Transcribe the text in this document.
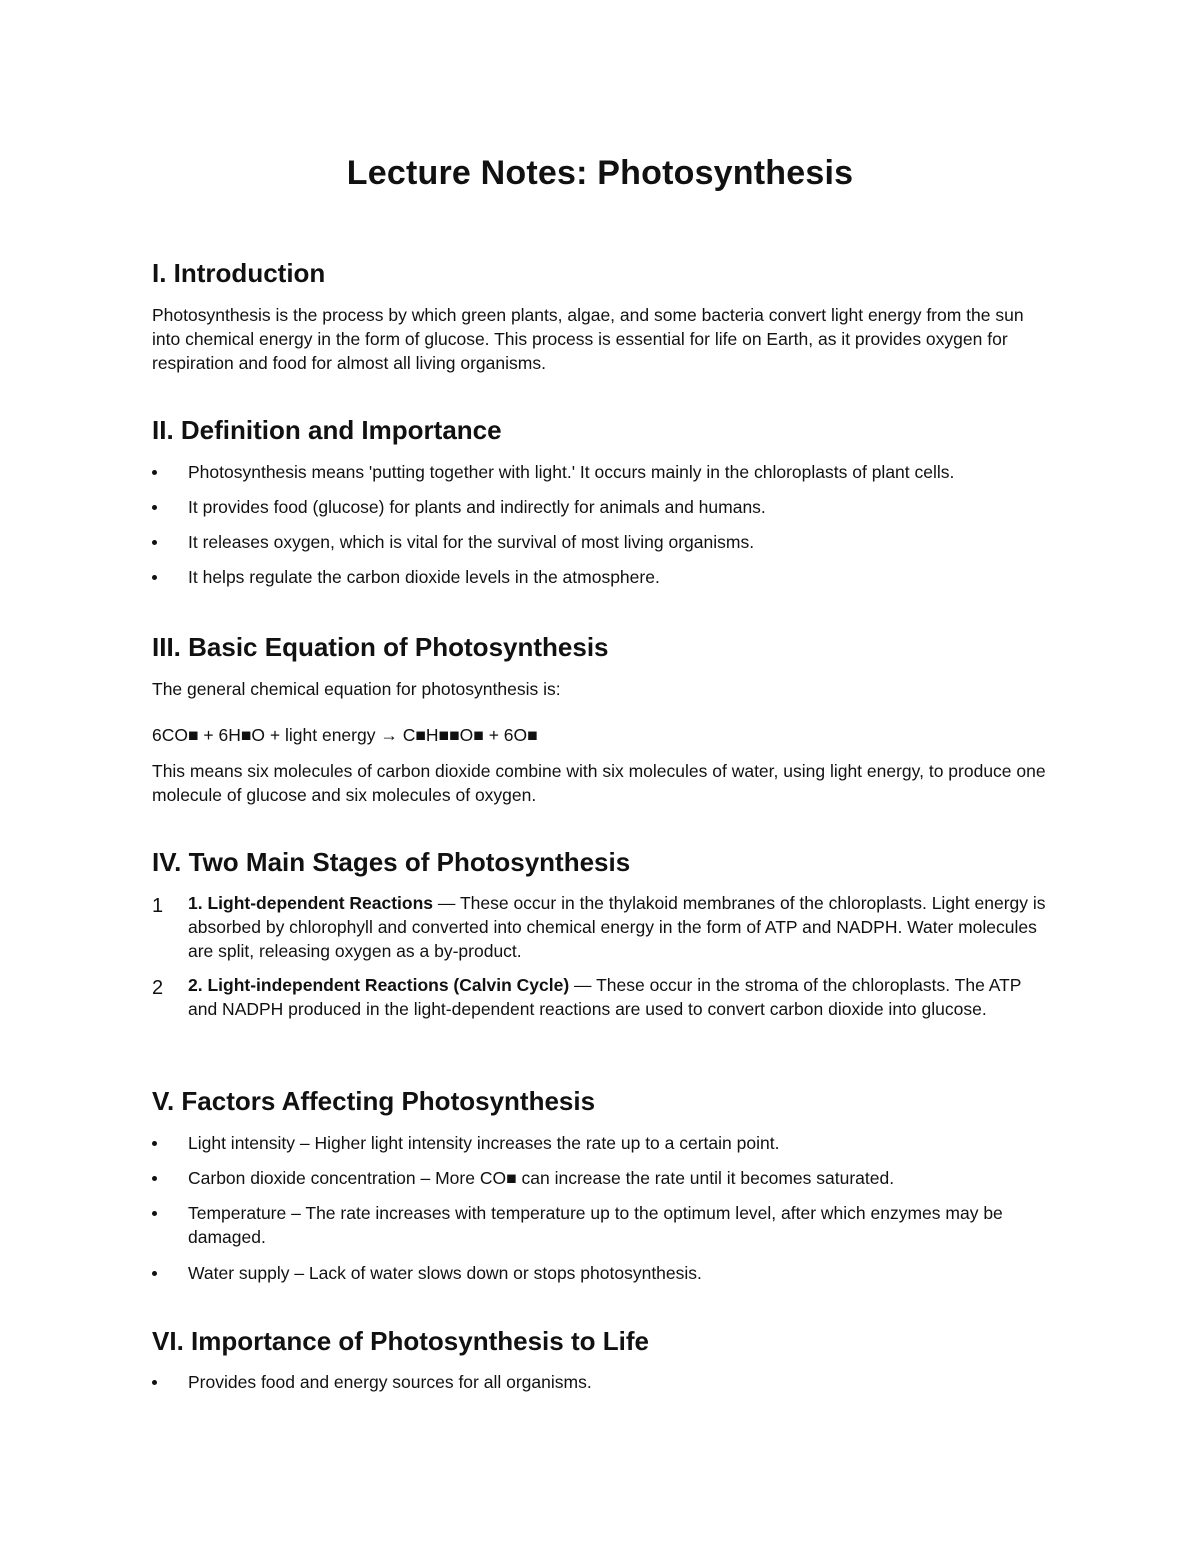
Lecture Notes: Photosynthesis
I. Introduction

Photosynthesis is the process by which green plants, algae, and some bacteria convert light energy from the sun into chemical energy in the form of glucose. This process is essential for life on Earth, as it provides oxygen for respiration and food for almost all living organisms.

II. Definition and Importance
Photosynthesis means 'putting together with light.' It occurs mainly in the chloroplasts of plant cells.
It provides food (glucose) for plants and indirectly for animals and humans.
It releases oxygen, which is vital for the survival of most living organisms.
It helps regulate the carbon dioxide levels in the atmosphere.
III. Basic Equation of Photosynthesis

The general chemical equation for photosynthesis is:

6CO■ + 6H■O + light energy → C■H■■O■ + 6O■

This means six molecules of carbon dioxide combine with six molecules of water, using light energy, to produce one molecule of glucose and six molecules of oxygen.

IV. Two Main Stages of Photosynthesis
1 1. Light-dependent Reactions — These occur in the thylakoid membranes of the chloroplasts. Light energy is absorbed by chlorophyll and converted into chemical energy in the form of ATP and NADPH. Water molecules are split, releasing oxygen as a by-product.
2 2. Light-independent Reactions (Calvin Cycle) — These occur in the stroma of the chloroplasts. The ATP and NADPH produced in the light-dependent reactions are used to convert carbon dioxide into glucose.
V. Factors Affecting Photosynthesis
Light intensity – Higher light intensity increases the rate up to a certain point.
Carbon dioxide concentration – More CO■ can increase the rate until it becomes saturated.
Temperature – The rate increases with temperature up to the optimum level, after which enzymes may be damaged.
Water supply – Lack of water slows down or stops photosynthesis.
VI. Importance of Photosynthesis to Life
Provides food and energy sources for all organisms.
